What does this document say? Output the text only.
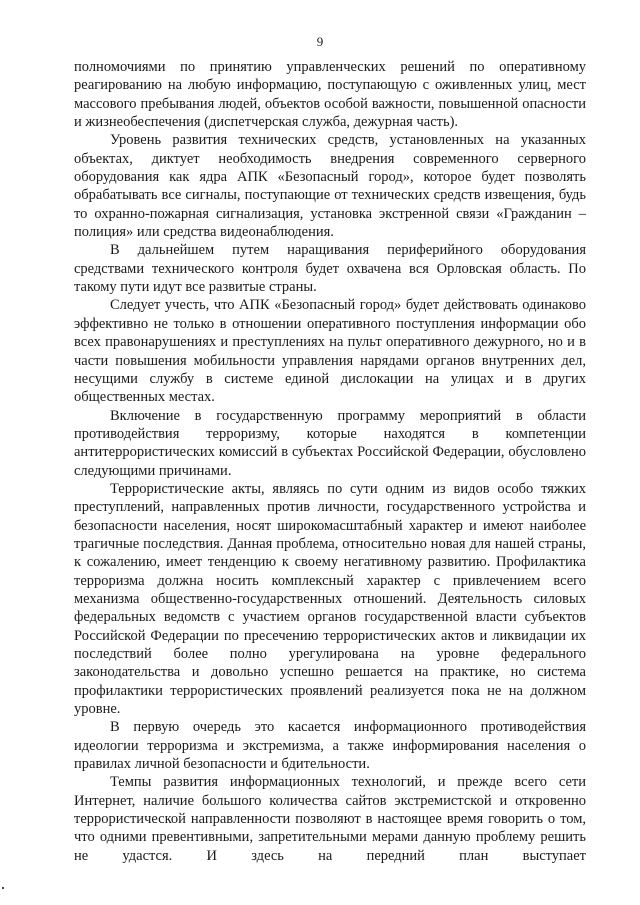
9

полномочиями по принятию управленческих решений по оперативному реагированию на любую информацию, поступающую с оживленных улиц, мест массового пребывания людей, объектов особой важности, повышенной опасности и жизнеобеспечения (диспетчерская служба, дежурная часть).

Уровень развития технических средств, установленных на указанных объектах, диктует необходимость внедрения современного серверного оборудования как ядра АПК «Безопасный город», которое будет позволять обрабатывать все сигналы, поступающие от технических средств извещения, будь то охранно-пожарная сигнализация, установка экстренной связи «Гражданин – полиция» или средства видеонаблюдения.

В дальнейшем путем наращивания периферийного оборудования средствами технического контроля будет охвачена вся Орловская область. По такому пути идут все развитые страны.

Следует учесть, что АПК «Безопасный город» будет действовать одинаково эффективно не только в отношении оперативного поступления информации обо всех правонарушениях и преступлениях на пульт оперативного дежурного, но и в части повышения мобильности управления нарядами органов внутренних дел, несущими службу в системе единой дислокации на улицах и в других общественных местах.

Включение в государственную программу мероприятий в области противодействия терроризму, которые находятся в компетенции антитеррористических комиссий в субъектах Российской Федерации, обусловлено следующими причинами.

Террористические акты, являясь по сути одним из видов особо тяжких преступлений, направленных против личности, государственного устройства и безопасности населения, носят широкомасштабный характер и имеют наиболее трагичные последствия. Данная проблема, относительно новая для нашей страны, к сожалению, имеет тенденцию к своему негативному развитию. Профилактика терроризма должна носить комплексный характер с привлечением всего механизма общественно-государственных отношений. Деятельность силовых федеральных ведомств с участием органов государственной власти субъектов Российской Федерации по пресечению террористических актов и ликвидации их последствий более полно урегулирована на уровне федерального законодательства и довольно успешно решается на практике, но система профилактики террористических проявлений реализуется пока не на должном уровне.

В первую очередь это касается информационного противодействия идеологии терроризма и экстремизма, а также информирования населения о правилах личной безопасности и бдительности.

Темпы развития информационных технологий, и прежде всего сети Интернет, наличие большого количества сайтов экстремистской и откровенно террористической направленности позволяют в настоящее время говорить о том, что одними превентивными, запретительными мерами данную проблему решить не удастся. И здесь на передний план выступает
